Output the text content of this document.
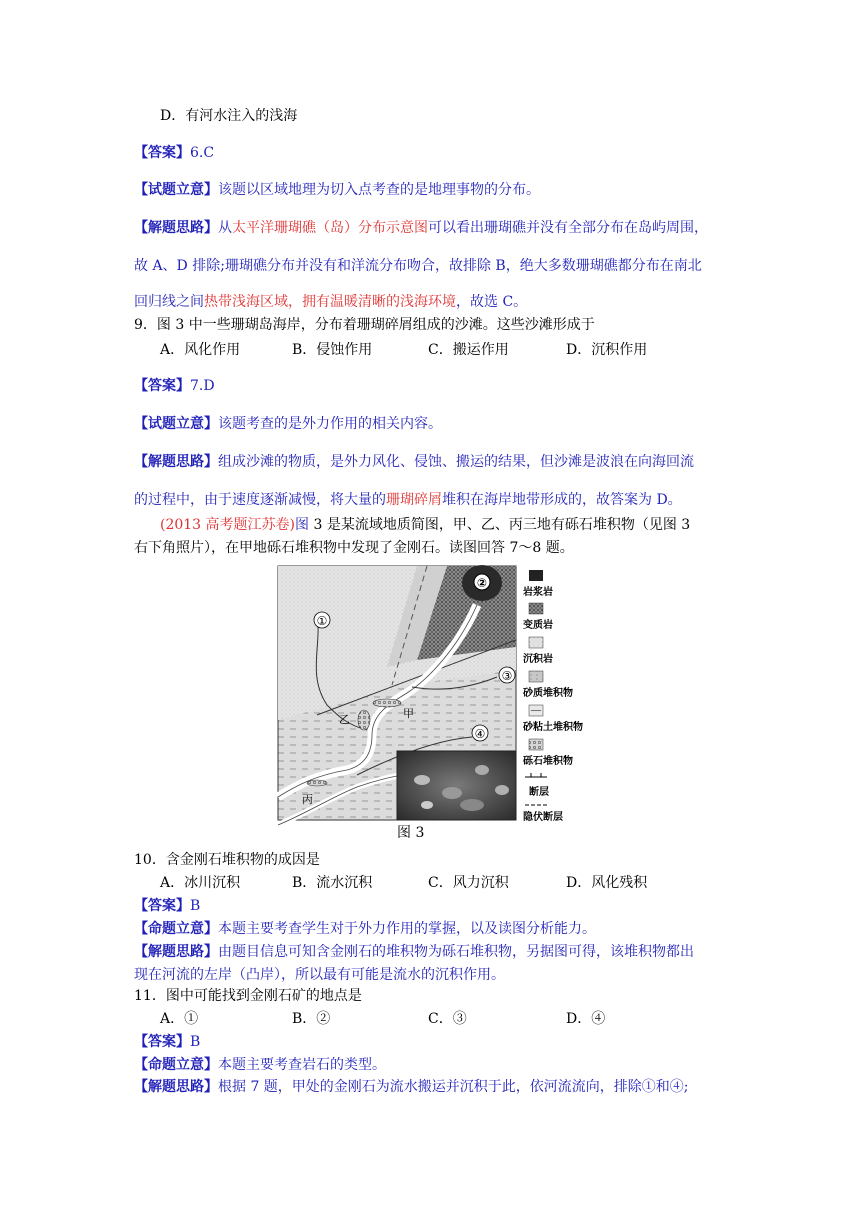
D．有河水注入的浅海
【答案】6.C
【试题立意】该题以区域地理为切入点考查的是地理事物的分布。
【解题思路】从太平洋珊瑚礁（岛）分布示意图可以看出珊瑚礁并没有全部分布在岛屿周围，
故 A、D 排除;珊瑚礁分布并没有和洋流分布吻合，故排除 B，绝大多数珊瑚礁都分布在南北
回归线之间热带浅海区域，拥有温暖清晰的浅海环境，故选 C。
9．图 3 中一些珊瑚岛海岸，分布着珊瑚碎屑组成的沙滩。这些沙滩形成于
A．风化作用	B．侵蚀作用	C．搬运作用	D．沉积作用
【答案】7.D
【试题立意】该题考查的是外力作用的相关内容。
【解题思路】组成沙滩的物质，是外力风化、侵蚀、搬运的结果，但沙滩是波浪在向海回流
的过程中，由于速度逐渐减慢，将大量的珊瑚碎屑堆积在海岸地带形成的，故答案为 D。
(2013 高考题江苏卷)图 3 是某流域地质简图，甲、乙、丙三地有砾石堆积物（见图 3
右下角照片），在甲地砾石堆积物中发现了金刚石。读图回答 7～8 题。
②
①
③
④
甲
乙
丙
岩浆岩
变质岩
沉积岩
砂质堆积物
砂粘土堆积物
砾石堆积物
断层
隐伏断层
图 3
10．含金刚石堆积物的成因是
A．冰川沉积	B．流水沉积	C．风力沉积	D．风化残积
【答案】B
【命题立意】本题主要考查学生对于外力作用的掌握，以及读图分析能力。
【解题思路】由题目信息可知含金刚石的堆积物为砾石堆积物，另据图可得，该堆积物都出
现在河流的左岸（凸岸），所以最有可能是流水的沉积作用。
11．图中可能找到金刚石矿的地点是
A．①	B．②	C．③	D．④
【答案】B
【命题立意】本题主要考查岩石的类型。
【解题思路】根据 7 题，甲处的金刚石为流水搬运并沉积于此，依河流流向，排除①和④;
